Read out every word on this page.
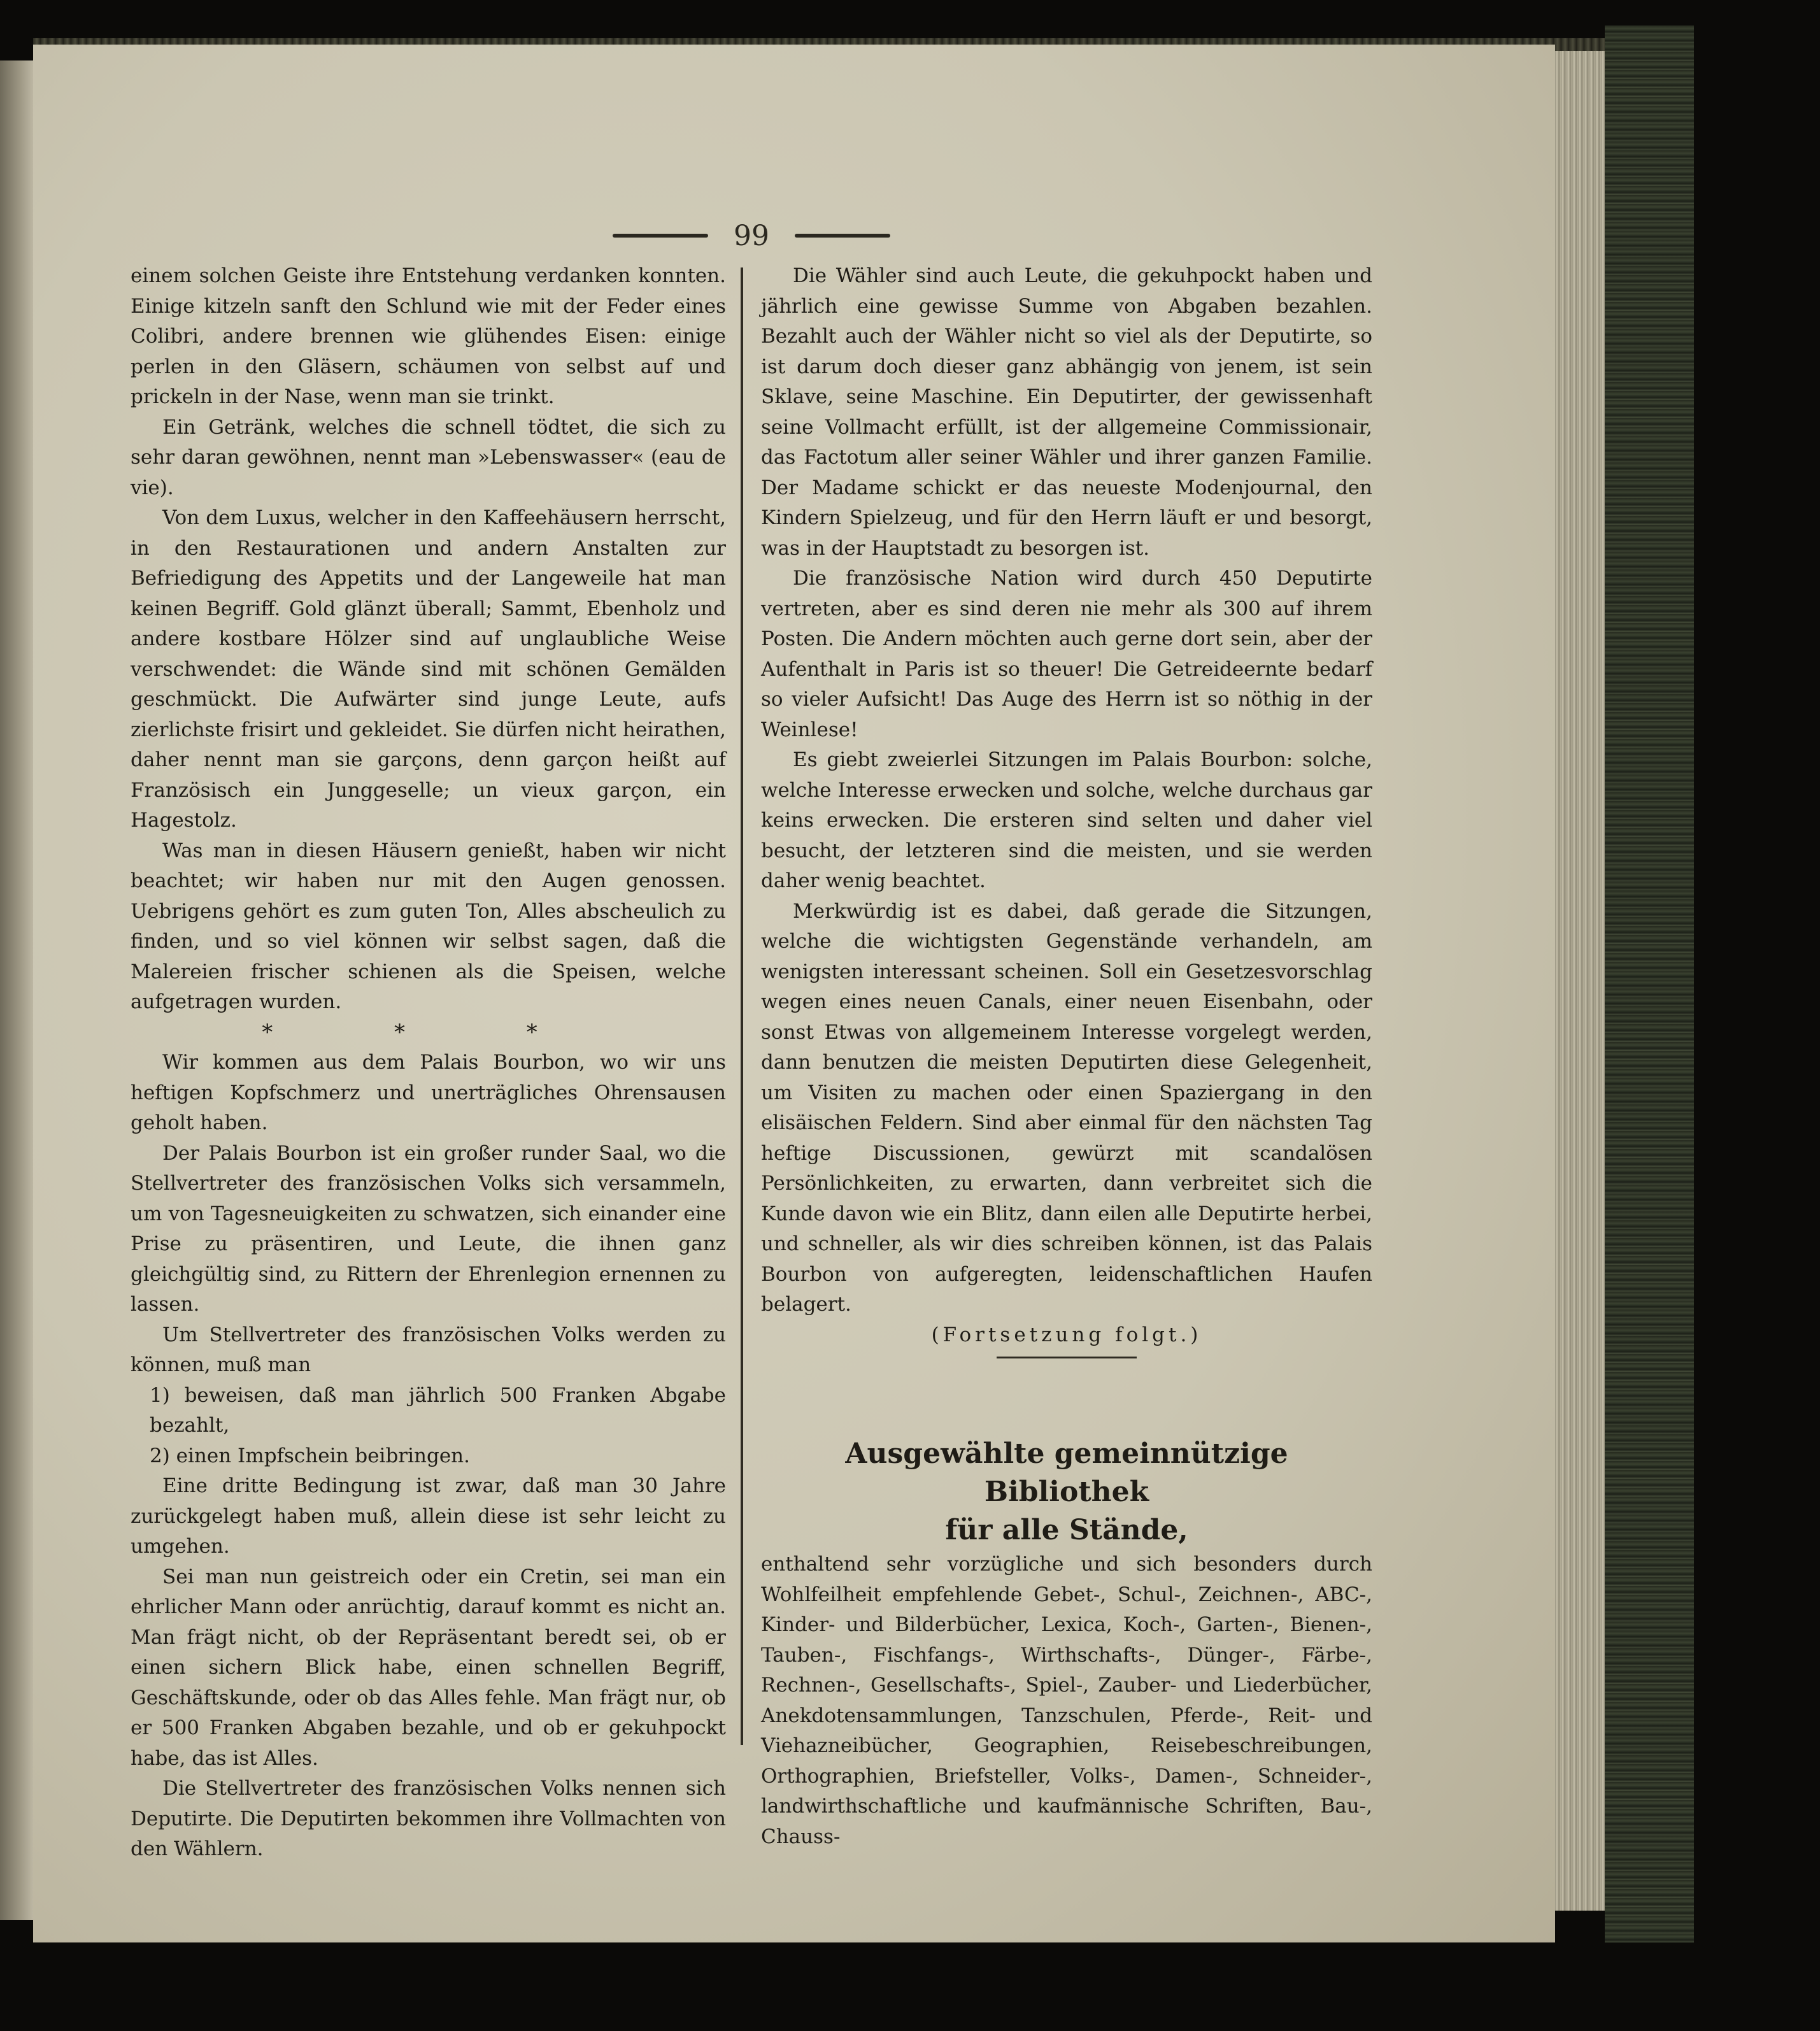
99

einem solchen Geiste ihre Entstehung verdanken konnten. Einige kitzeln sanft den Schlund wie mit der Feder eines Colibri, andere brennen wie glühendes Eisen: einige perlen in den Gläsern, schäumen von selbst auf und prickeln in der Nase, wenn man sie trinkt.

Ein Getränk, welches die schnell tödtet, die sich zu sehr daran gewöhnen, nennt man »Lebenswasser« (eau de vie).

Von dem Luxus, welcher in den Kaffeehäusern herrscht, in den Restaurationen und andern Anstalten zur Befriedigung des Appetits und der Langeweile hat man keinen Begriff. Gold glänzt überall; Sammt, Ebenholz und andere kostbare Hölzer sind auf unglaubliche Weise verschwendet: die Wände sind mit schönen Gemälden geschmückt. Die Aufwärter sind junge Leute, aufs zierlichste frisirt und gekleidet. Sie dürfen nicht heirathen, daher nennt man sie garçons, denn garçon heißt auf Französisch ein Junggeselle; un vieux garçon, ein Hagestolz.

Was man in diesen Häusern genießt, haben wir nicht beachtet; wir haben nur mit den Augen genossen. Uebrigens gehört es zum guten Ton, Alles abscheulich zu finden, und so viel können wir selbst sagen, daß die Malereien frischer schienen als die Speisen, welche aufgetragen wurden.

* * *

Wir kommen aus dem Palais Bourbon, wo wir uns heftigen Kopfschmerz und unerträgliches Ohrensausen geholt haben.

Der Palais Bourbon ist ein großer runder Saal, wo die Stellvertreter des französischen Volks sich versammeln, um von Tagesneuigkeiten zu schwatzen, sich einander eine Prise zu präsentiren, und Leute, die ihnen ganz gleichgültig sind, zu Rittern der Ehrenlegion ernennen zu lassen.

Um Stellvertreter des französischen Volks werden zu können, muß man

1) beweisen, daß man jährlich 500 Franken Abgabe bezahlt,

2) einen Impfschein beibringen.

Eine dritte Bedingung ist zwar, daß man 30 Jahre zurückgelegt haben muß, allein diese ist sehr leicht zu umgehen.

Sei man nun geistreich oder ein Cretin, sei man ein ehrlicher Mann oder anrüchtig, darauf kommt es nicht an. Man frägt nicht, ob der Repräsentant beredt sei, ob er einen sichern Blick habe, einen schnellen Begriff, Geschäftskunde, oder ob das Alles fehle. Man frägt nur, ob er 500 Franken Abgaben bezahle, und ob er gekuhpockt habe, das ist Alles.

Die Stellvertreter des französischen Volks nennen sich Deputirte. Die Deputirten bekommen ihre Vollmachten von den Wählern.

Die Wähler sind auch Leute, die gekuhpockt haben und jährlich eine gewisse Summe von Abgaben bezahlen. Bezahlt auch der Wähler nicht so viel als der Deputirte, so ist darum doch dieser ganz abhängig von jenem, ist sein Sklave, seine Maschine. Ein Deputirter, der gewissenhaft seine Vollmacht erfüllt, ist der allgemeine Commissionair, das Factotum aller seiner Wähler und ihrer ganzen Familie. Der Madame schickt er das neueste Modenjournal, den Kindern Spielzeug, und für den Herrn läuft er und besorgt, was in der Hauptstadt zu besorgen ist.

Die französische Nation wird durch 450 Deputirte vertreten, aber es sind deren nie mehr als 300 auf ihrem Posten. Die Andern möchten auch gerne dort sein, aber der Aufenthalt in Paris ist so theuer! Die Getreideernte bedarf so vieler Aufsicht! Das Auge des Herrn ist so nöthig in der Weinlese!

Es giebt zweierlei Sitzungen im Palais Bourbon: solche, welche Interesse erwecken und solche, welche durchaus gar keins erwecken. Die ersteren sind selten und daher viel besucht, der letzteren sind die meisten, und sie werden daher wenig beachtet.

Merkwürdig ist es dabei, daß gerade die Sitzungen, welche die wichtigsten Gegenstände verhandeln, am wenigsten interessant scheinen. Soll ein Gesetzesvorschlag wegen eines neuen Canals, einer neuen Eisenbahn, oder sonst Etwas von allgemeinem Interesse vorgelegt werden, dann benutzen die meisten Deputirten diese Gelegenheit, um Visiten zu machen oder einen Spaziergang in den elisäischen Feldern. Sind aber einmal für den nächsten Tag heftige Discussionen, gewürzt mit scandalösen Persönlichkeiten, zu erwarten, dann verbreitet sich die Kunde davon wie ein Blitz, dann eilen alle Deputirte herbei, und schneller, als wir dies schreiben können, ist das Palais Bourbon von aufgeregten, leidenschaftlichen Haufen belagert.

(Fortsetzung folgt.)

Ausgewählte gemeinnützige Bibliothek

für alle Stände,

enthaltend sehr vorzügliche und sich besonders durch Wohlfeilheit empfehlende Gebet-, Schul-, Zeichnen-, ABC-, Kinder- und Bilderbücher, Lexica, Koch-, Garten-, Bienen-, Tauben-, Fischfangs-, Wirthschafts-, Dünger-, Färbe-, Rechnen-, Gesellschafts-, Spiel-, Zauber- und Liederbücher, Anekdotensammlungen, Tanzschulen, Pferde-, Reit- und Viehazneibücher, Geographien, Reisebeschreibungen, Orthographien, Briefsteller, Volks-, Damen-, Schneider-, landwirthschaftliche und kaufmännische Schriften, Bau-, Chauss-
